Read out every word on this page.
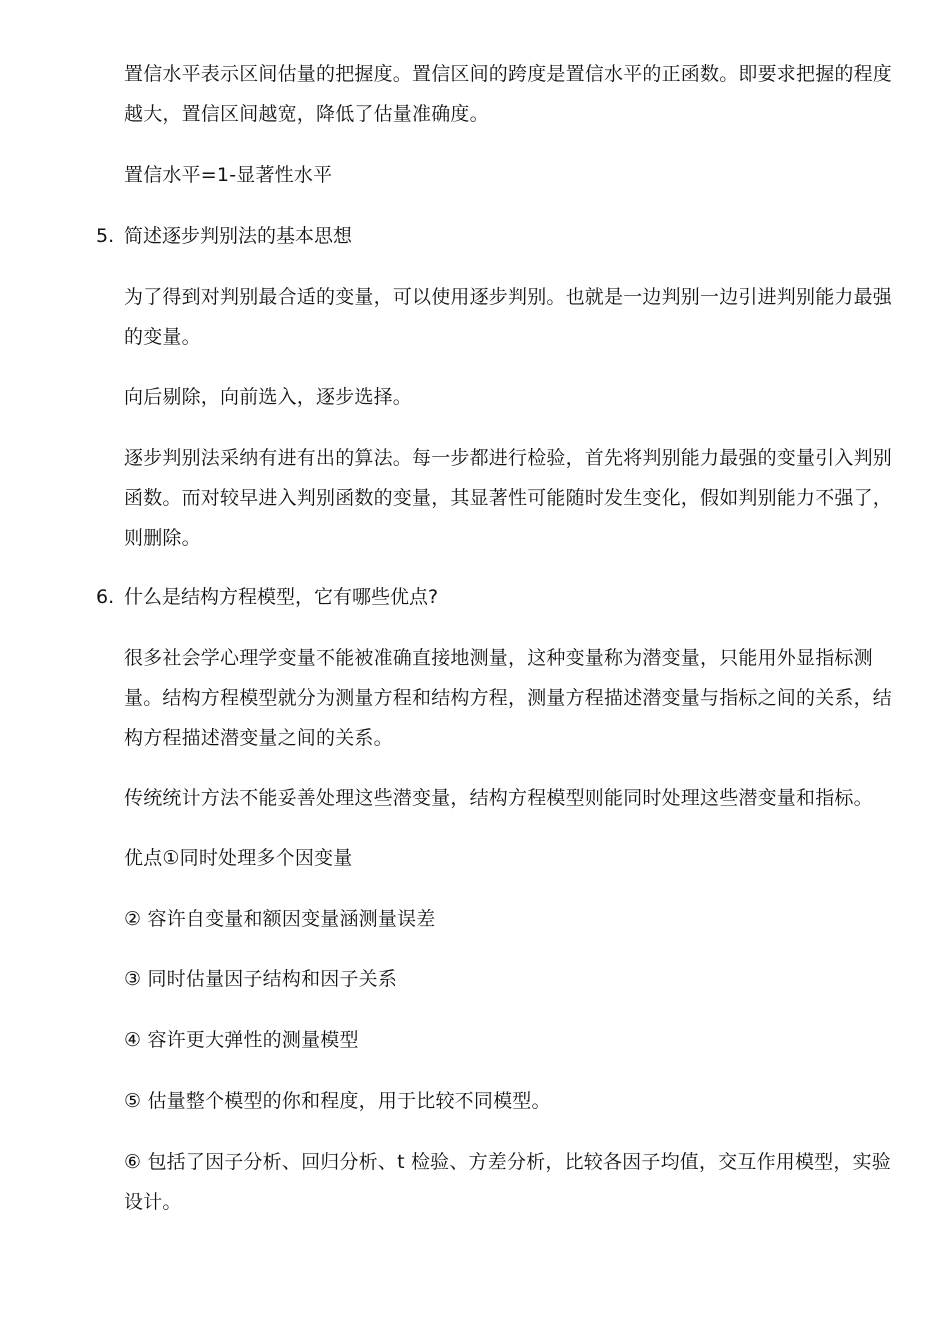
置信水平表示区间估量的把握度。置信区间的跨度是置信水平的正函数。即要求把握的程度越大，置信区间越宽，降低了估量准确度。

置信水平=1-显著性水平

5. 简述逐步判别法的基本思想

为了得到对判别最合适的变量，可以使用逐步判别。也就是一边判别一边引进判别能力最强的变量。

向后剔除，向前选入，逐步选择。

逐步判别法采纳有进有出的算法。每一步都进行检验，首先将判别能力最强的变量引入判别函数。而对较早进入判别函数的变量，其显著性可能随时发生变化，假如判别能力不强了，则删除。

6. 什么是结构方程模型，它有哪些优点?

很多社会学心理学变量不能被准确直接地测量，这种变量称为潜变量，只能用外显指标测量。结构方程模型就分为测量方程和结构方程，测量方程描述潜变量与指标之间的关系，结构方程描述潜变量之间的关系。

传统统计方法不能妥善处理这些潜变量，结构方程模型则能同时处理这些潜变量和指标。

优点①同时处理多个因变量

② 容许自变量和额因变量涵测量误差

③ 同时估量因子结构和因子关系

④ 容许更大弹性的测量模型

⑤ 估量整个模型的你和程度，用于比较不同模型。

⑥ 包括了因子分析、回归分析、t 检验、方差分析，比较各因子均值，交互作用模型，实验设计。
